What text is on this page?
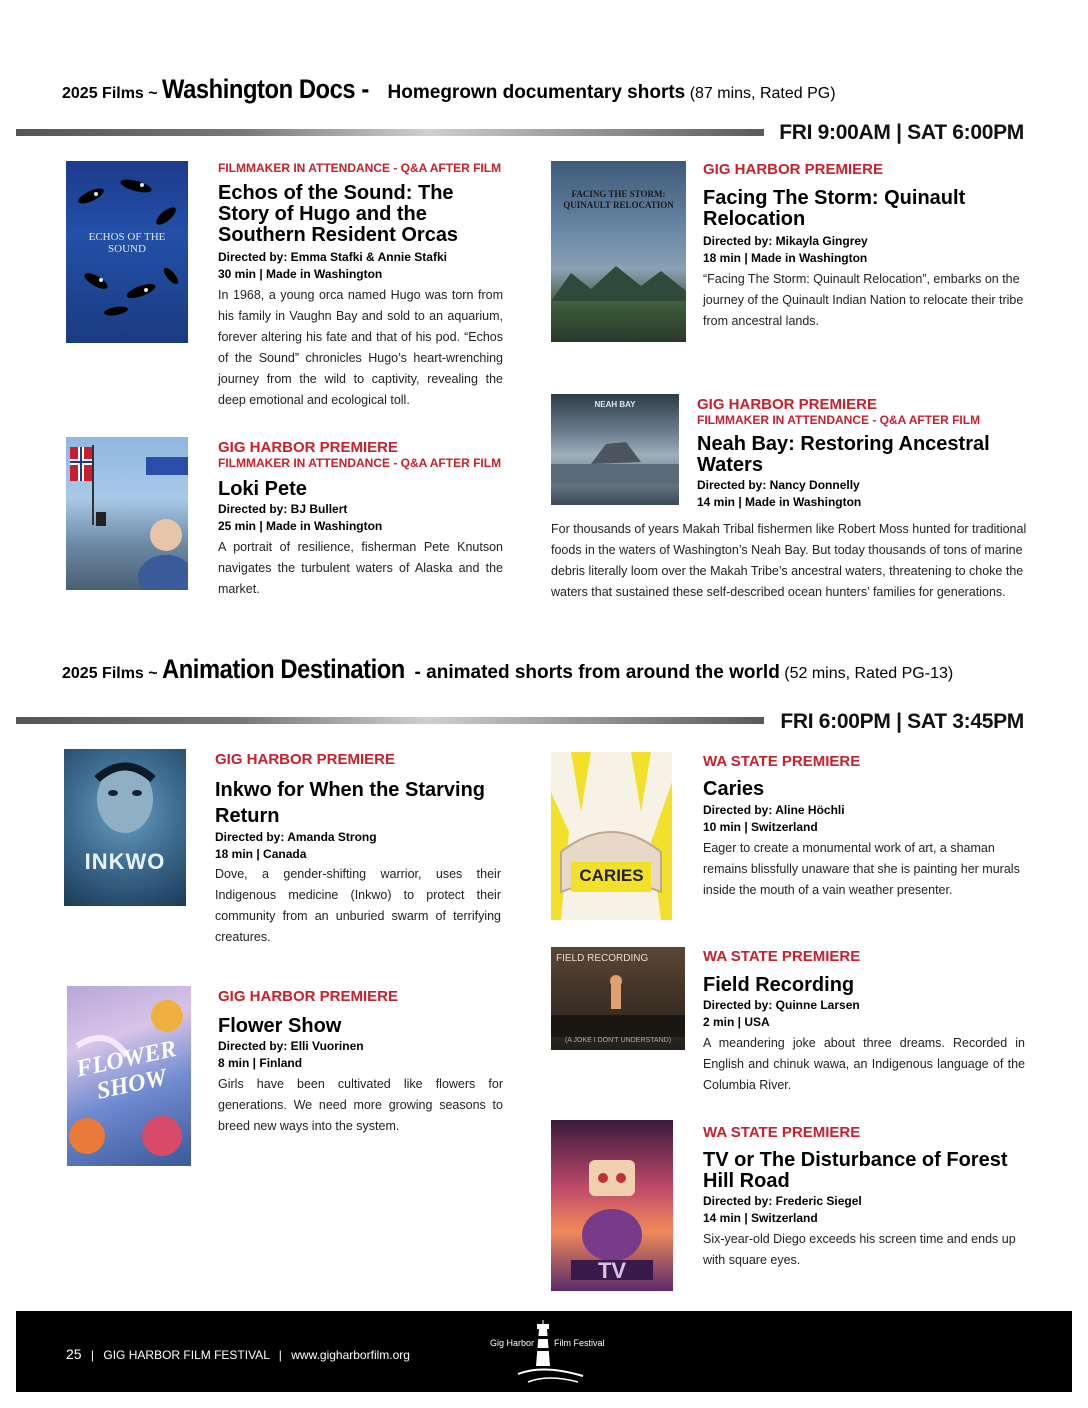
2025 Films ~ Washington Docs - Homegrown documentary shorts (87 mins, Rated PG)
FRI 9:00AM | SAT 6:00PM
ECHOS OF THE SOUND
FILMMAKER IN ATTENDANCE - Q&A AFTER FILM
Echos of the Sound: The Story of Hugo and the Southern Resident Orcas
Directed by: Emma Stafki & Annie Stafki
30 min | Made in Washington
In 1968, a young orca named Hugo was torn from his family in Vaughn Bay and sold to an aquarium, forever altering his fate and that of his pod. “Echos of the Sound” chronicles Hugo’s heart-wrenching journey from the wild to captivity, revealing the deep emotional and ecological toll.
FACING THE STORM: QUINAULT RELOCATION
GIG HARBOR PREMIERE
Facing The Storm: Quinault Relocation
Directed by: Mikayla Gingrey
18 min | Made in Washington
“Facing The Storm: Quinault Relocation”, embarks on the journey of the Quinault Indian Nation to relocate their tribe from ancestral lands.
GIG HARBOR PREMIERE
FILMMAKER IN ATTENDANCE - Q&A AFTER FILM
Loki Pete
Directed by: BJ Bullert
25 min | Made in Washington
A portrait of resilience, fisherman Pete Knutson navigates the turbulent waters of Alaska and the market.
NEAH BAY	GIG HARBOR PREMIERE
FILMMAKER IN ATTENDANCE - Q&A AFTER FILM
Neah Bay: Restoring Ancestral Waters
Directed by: Nancy Donnelly
14 min | Made in Washington
For thousands of years Makah Tribal fishermen like Robert Moss hunted for traditional foods in the waters of Washington’s Neah Bay. But today thousands of tons of marine debris literally loom over the Makah Tribe’s ancestral waters, threatening to choke the waters that sustained these self-described ocean hunters’ families for generations.
2025 Films ~ Animation Destination - animated shorts from around the world (52 mins, Rated PG-13)
FRI 6:00PM | SAT 3:45PM
INKWO
GIG HARBOR PREMIERE
Inkwo for When the Starving Return
Directed by: Amanda Strong
18 min | Canada
Dove, a gender-shifting warrior, uses their Indigenous medicine (Inkwo) to protect their community from an unburied swarm of terrifying creatures.
CARIES
WA STATE PREMIERE
Caries
Directed by: Aline Höchli
10 min | Switzerland
Eager to create a monumental work of art, a shaman remains blissfully unaware that she is painting her murals inside the mouth of a vain weather presenter.
FLOWER SHOW
GIG HARBOR PREMIERE
Flower Show
Directed by: Elli Vuorinen
8 min | Finland
Girls have been cultivated like flowers for generations. We need more growing seasons to breed new ways into the system.
FIELD RECORDING
(A JOKE I DON'T UNDERSTAND)
WA STATE PREMIERE
Field Recording
Directed by: Quinne Larsen
2 min | USA
A meandering joke about three dreams. Recorded in English and chinuk wawa, an Indigenous language of the Columbia River.
TV
WA STATE PREMIERE
TV or The Disturbance of Forest Hill Road
Directed by: Frederic Siegel
14 min | Switzerland
Six-year-old Diego exceeds his screen time and ends up with square eyes.
25 | GIG HARBOR FILM FESTIVAL | www.gigharborfilm.org
Gig Harbor Film Festival
